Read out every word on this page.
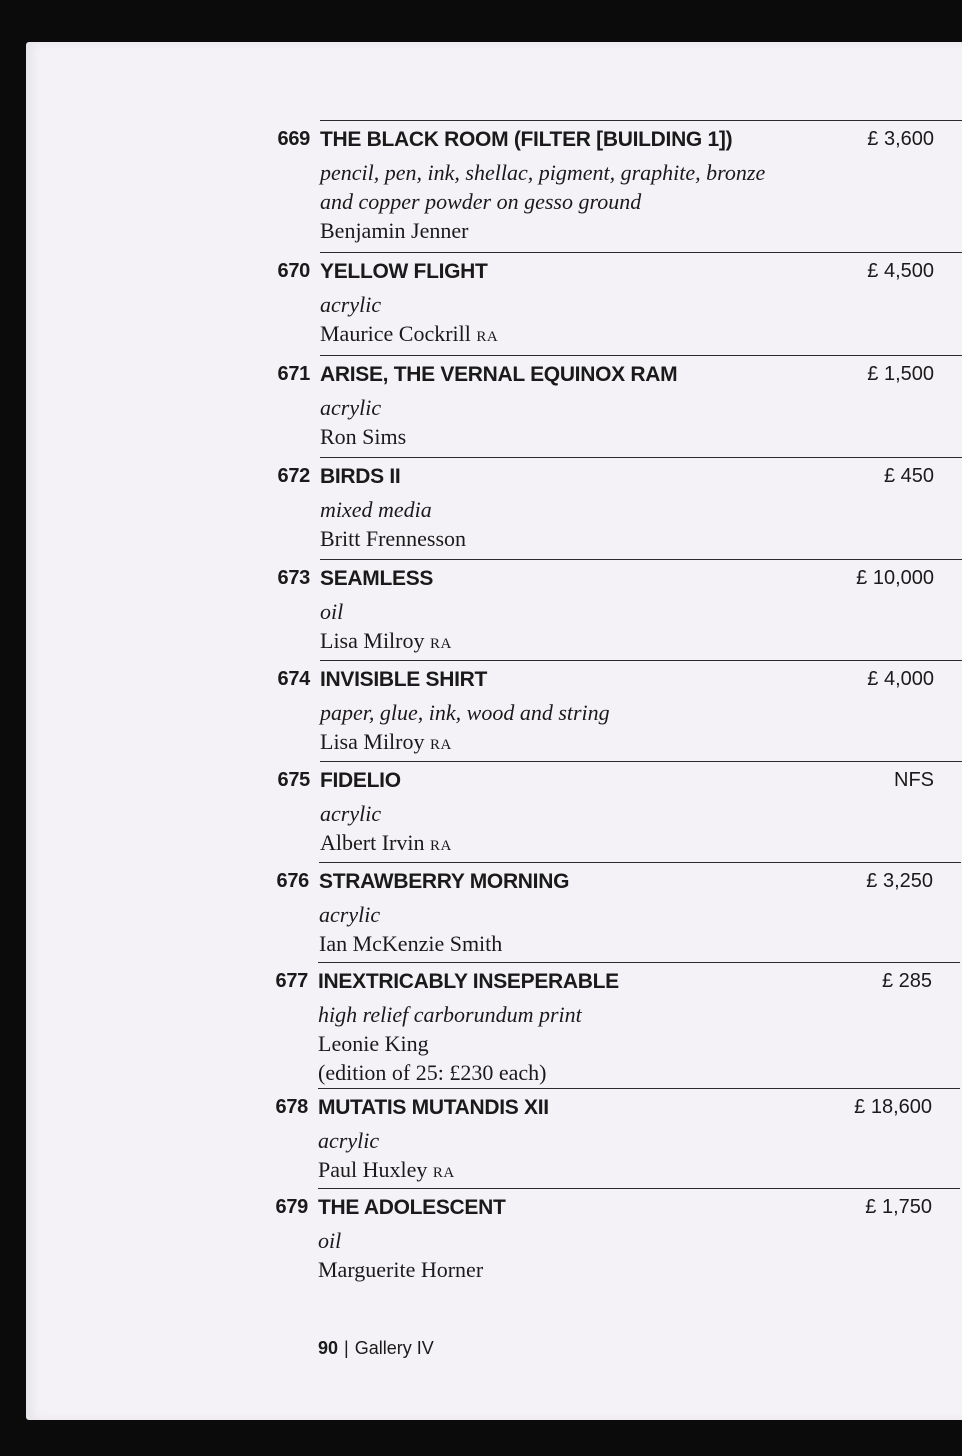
669 THE BLACK ROOM (FILTER [BUILDING 1])	£ 3,600
pencil, pen, ink, shellac, pigment, graphite, bronze
and copper powder on gesso ground
Benjamin Jenner
670 YELLOW FLIGHT	£ 4,500
acrylic
Maurice Cockrill RA
671 ARISE, THE VERNAL EQUINOX RAM	£ 1,500
acrylic
Ron Sims
672 BIRDS II	£ 450
mixed media
Britt Frennesson
673 SEAMLESS	£ 10,000
oil
Lisa Milroy RA
674 INVISIBLE SHIRT	£ 4,000
paper, glue, ink, wood and string
Lisa Milroy RA
675 FIDELIO	NFS
acrylic
Albert Irvin RA
676 STRAWBERRY MORNING	£ 3,250
acrylic
Ian McKenzie Smith
677 INEXTRICABLY INSEPERABLE	£ 285
high relief carborundum print
Leonie King
(edition of 25: £230 each)
678 MUTATIS MUTANDIS XII	£ 18,600
acrylic
Paul Huxley RA
679 THE ADOLESCENT	£ 1,750
oil
Marguerite Horner
90 | Gallery IV
